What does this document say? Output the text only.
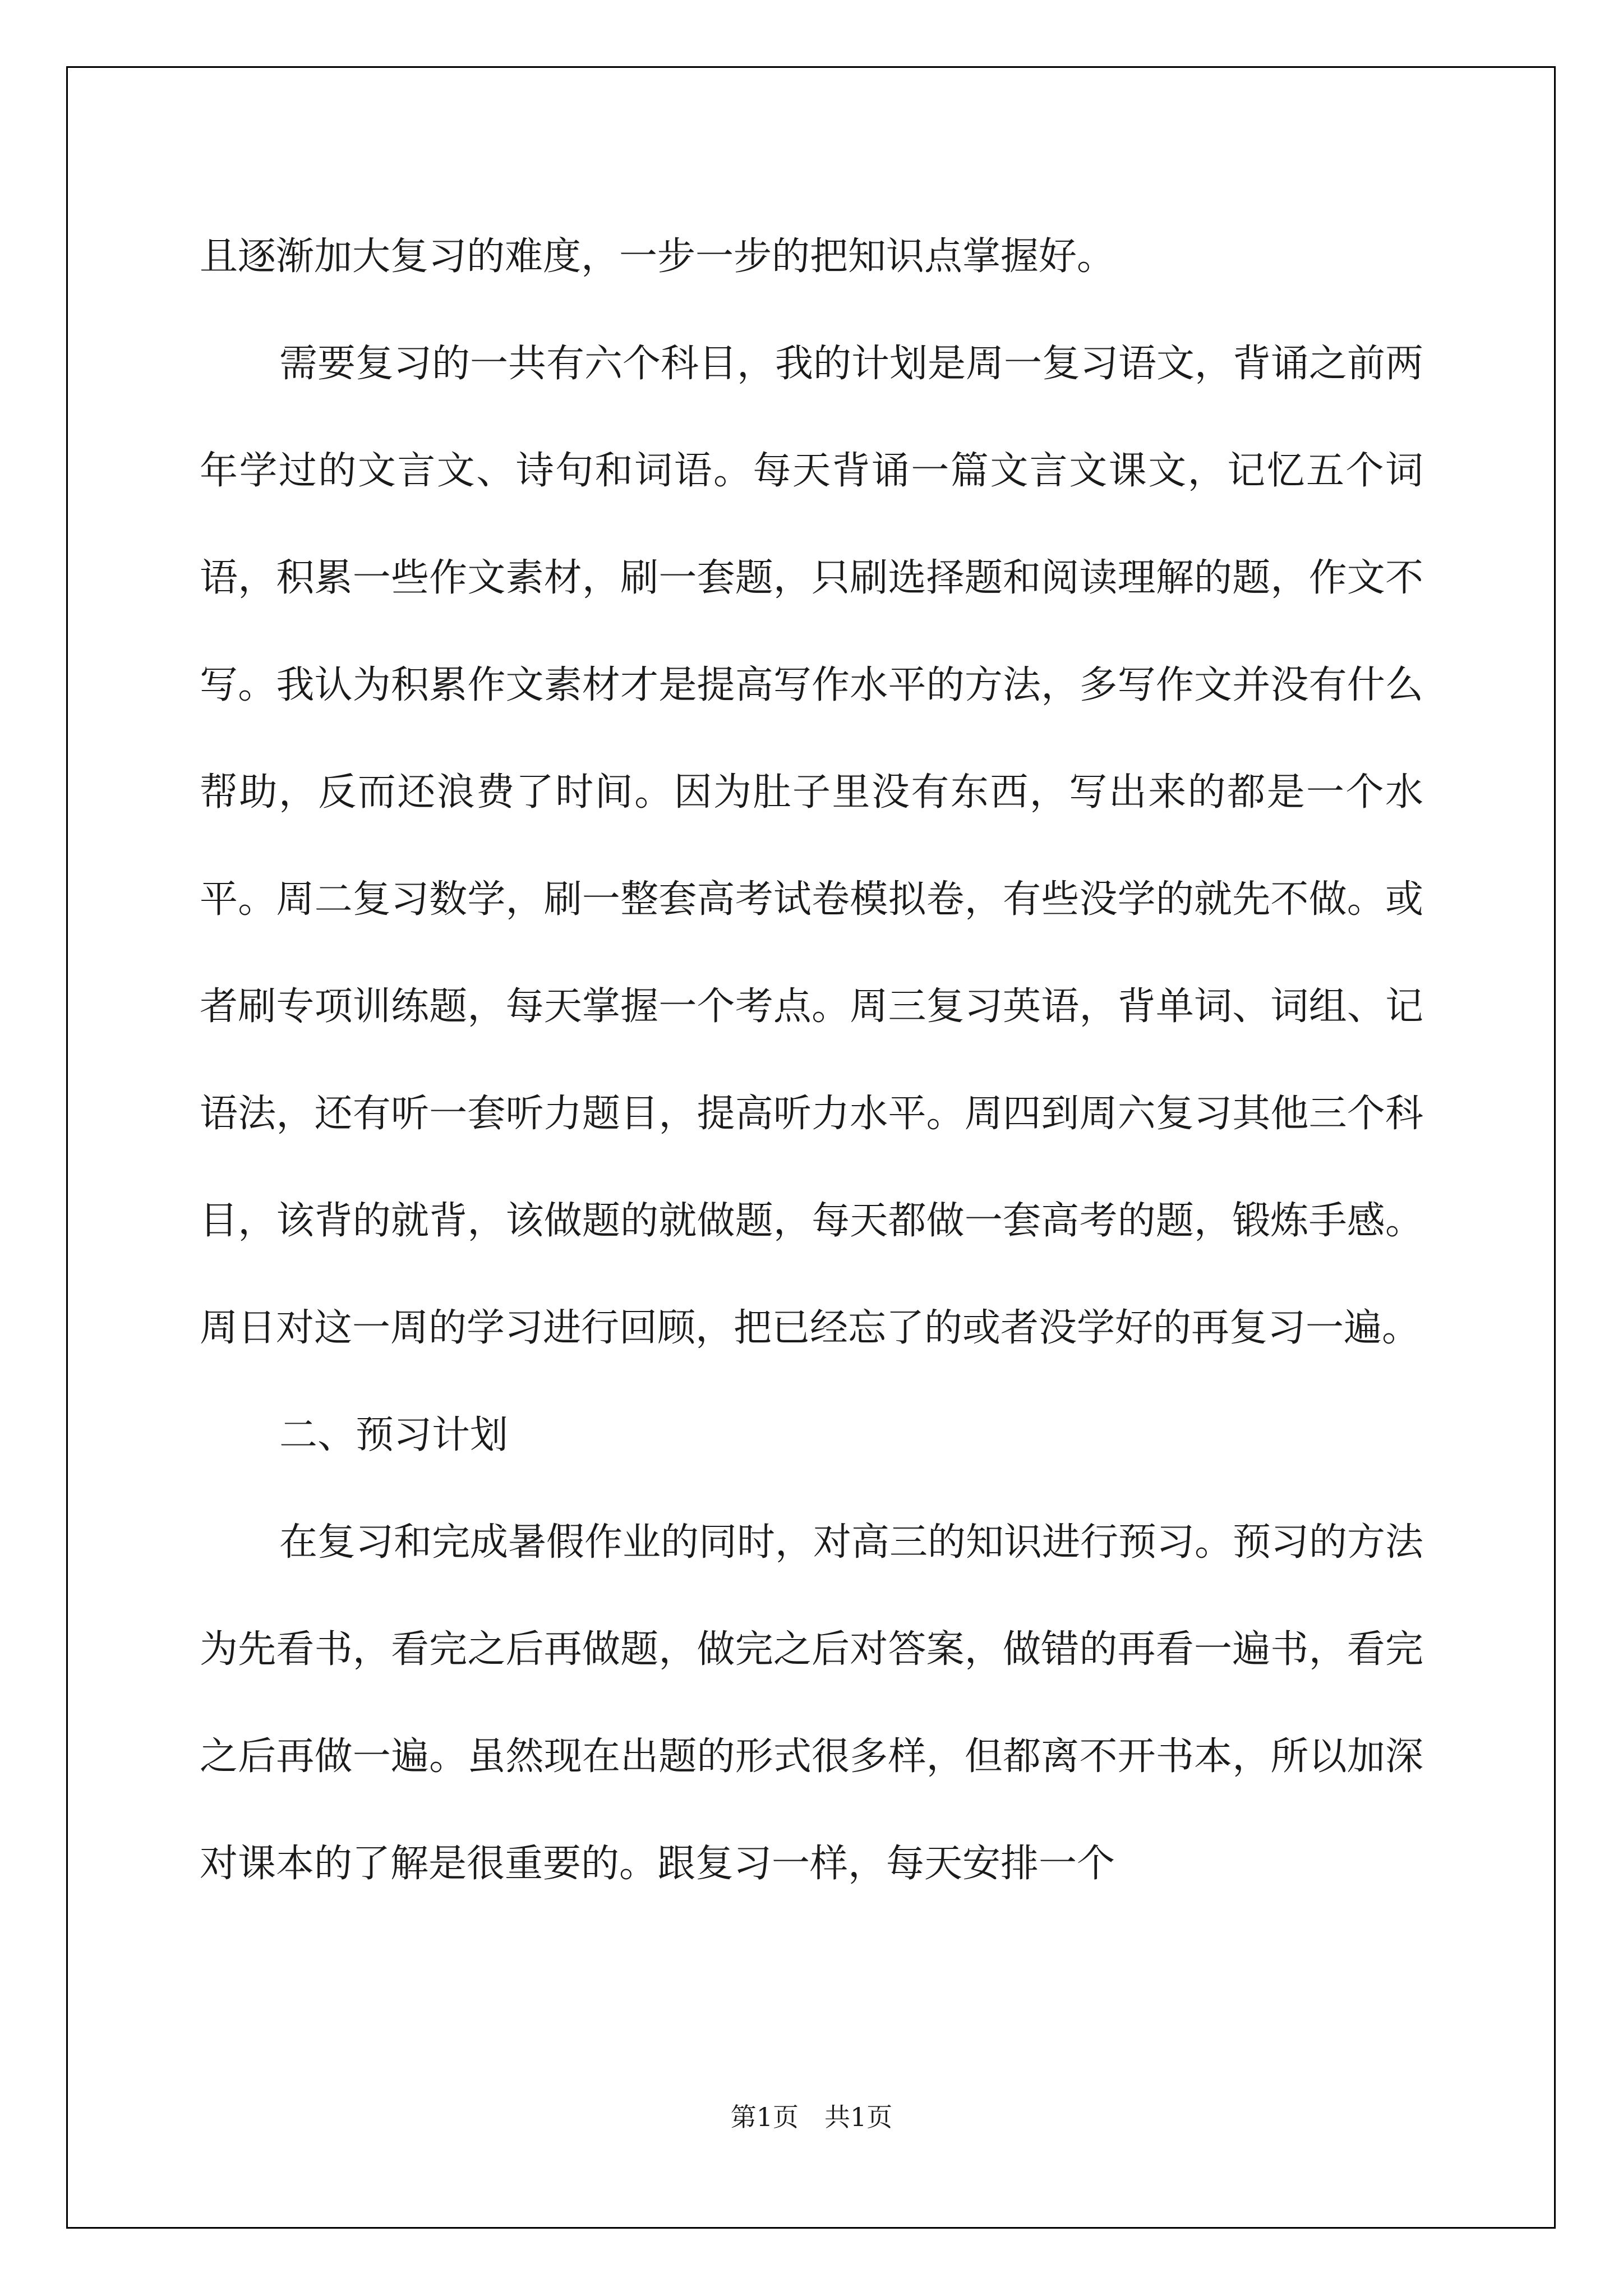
且逐渐加大复习的难度，一步一步的把知识点掌握好。

需要复习的一共有六个科目，我的计划是周一复习语文，背诵之前两年学过的文言文、诗句和词语。每天背诵一篇文言文课文，记忆五个词语，积累一些作文素材，刷一套题，只刷选择题和阅读理解的题，作文不写。我认为积累作文素材才是提高写作水平的方法，多写作文并没有什么帮助，反而还浪费了时间。因为肚子里没有东西，写出来的都是一个水平。周二复习数学，刷一整套高考试卷模拟卷，有些没学的就先不做。或者刷专项训练题，每天掌握一个考点。周三复习英语，背单词、词组、记语法，还有听一套听力题目，提高听力水平。周四到周六复习其他三个科目，该背的就背，该做题的就做题，每天都做一套高考的题，锻炼手感。周日对这一周的学习进行回顾，把已经忘了的或者没学好的再复习一遍。

二、预习计划

在复习和完成暑假作业的同时，对高三的知识进行预习。预习的方法为先看书，看完之后再做题，做完之后对答案，做错的再看一遍书，看完之后再做一遍。虽然现在出题的形式很多样，但都离不开书本，所以加深对课本的了解是很重要的。跟复习一样，每天安排一个

第1页　共1页
